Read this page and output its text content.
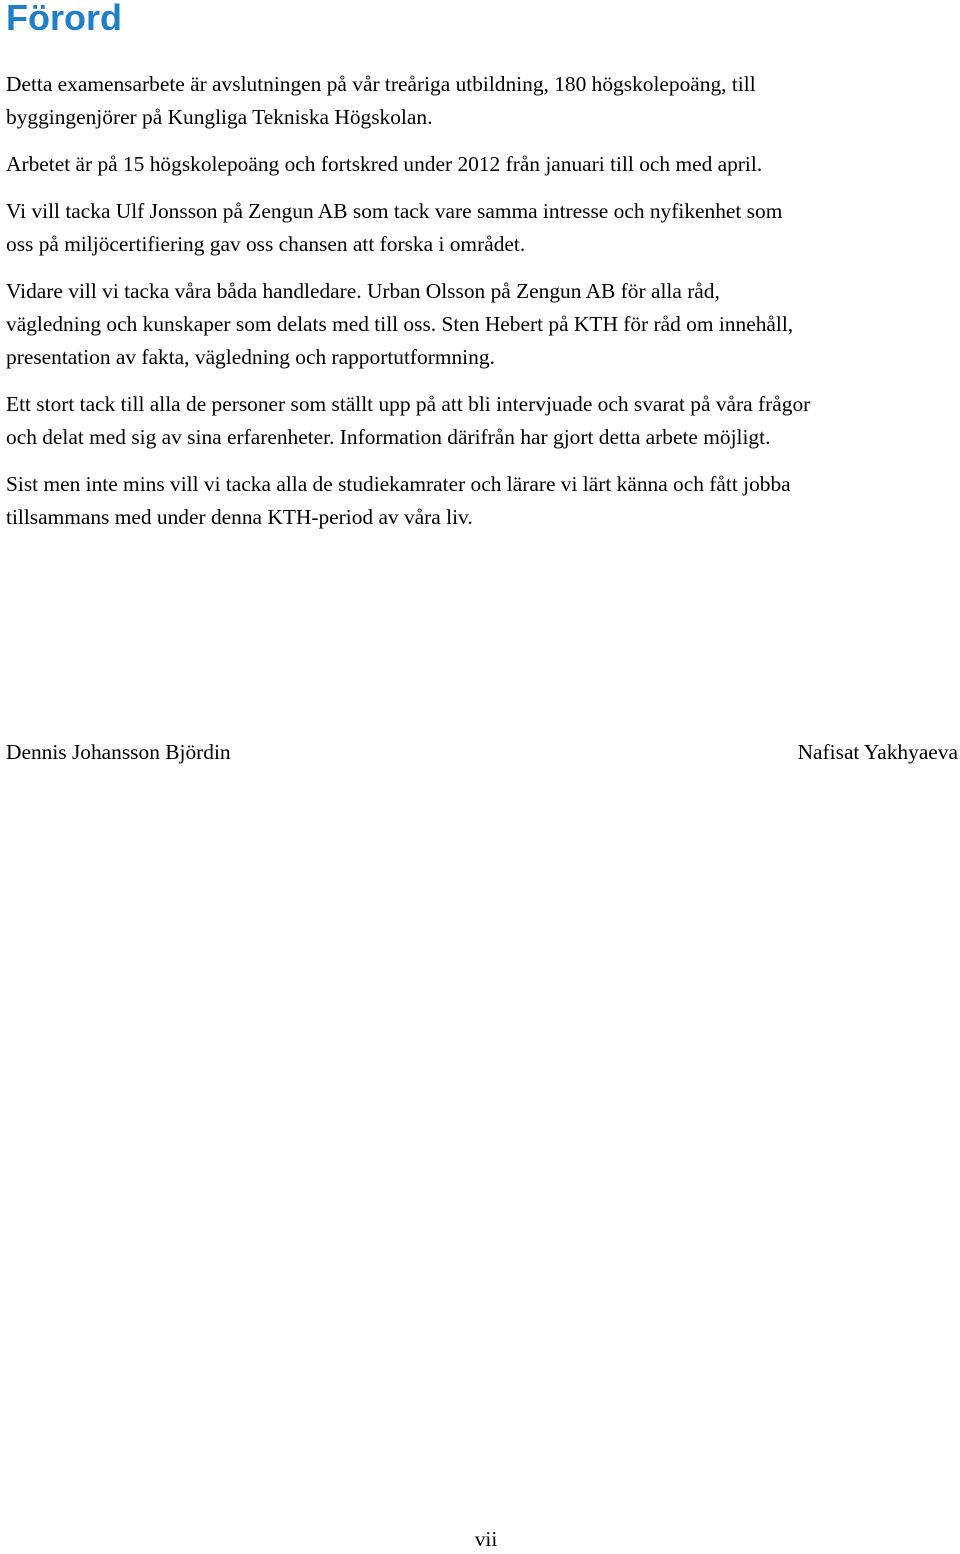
Förord

Detta examensarbete är avslutningen på vår treåriga utbildning, 180 högskolepoäng, till
byggingenjörer på Kungliga Tekniska Högskolan.

Arbetet är på 15 högskolepoäng och fortskred under 2012 från januari till och med april.

Vi vill tacka Ulf Jonsson på Zengun AB som tack vare samma intresse och nyfikenhet som
oss på miljöcertifiering gav oss chansen att forska i området.

Vidare vill vi tacka våra båda handledare. Urban Olsson på Zengun AB för alla råd,
vägledning och kunskaper som delats med till oss. Sten Hebert på KTH för råd om innehåll,
presentation av fakta, vägledning och rapportutformning.

Ett stort tack till alla de personer som ställt upp på att bli intervjuade och svarat på våra frågor
och delat med sig av sina erfarenheter. Information därifrån har gjort detta arbete möjligt.

Sist men inte mins vill vi tacka alla de studiekamrater och lärare vi lärt känna och fått jobba
tillsammans med under denna KTH-period av våra liv.

Dennis Johansson Björdin	Nafisat Yakhyaeva
vii
